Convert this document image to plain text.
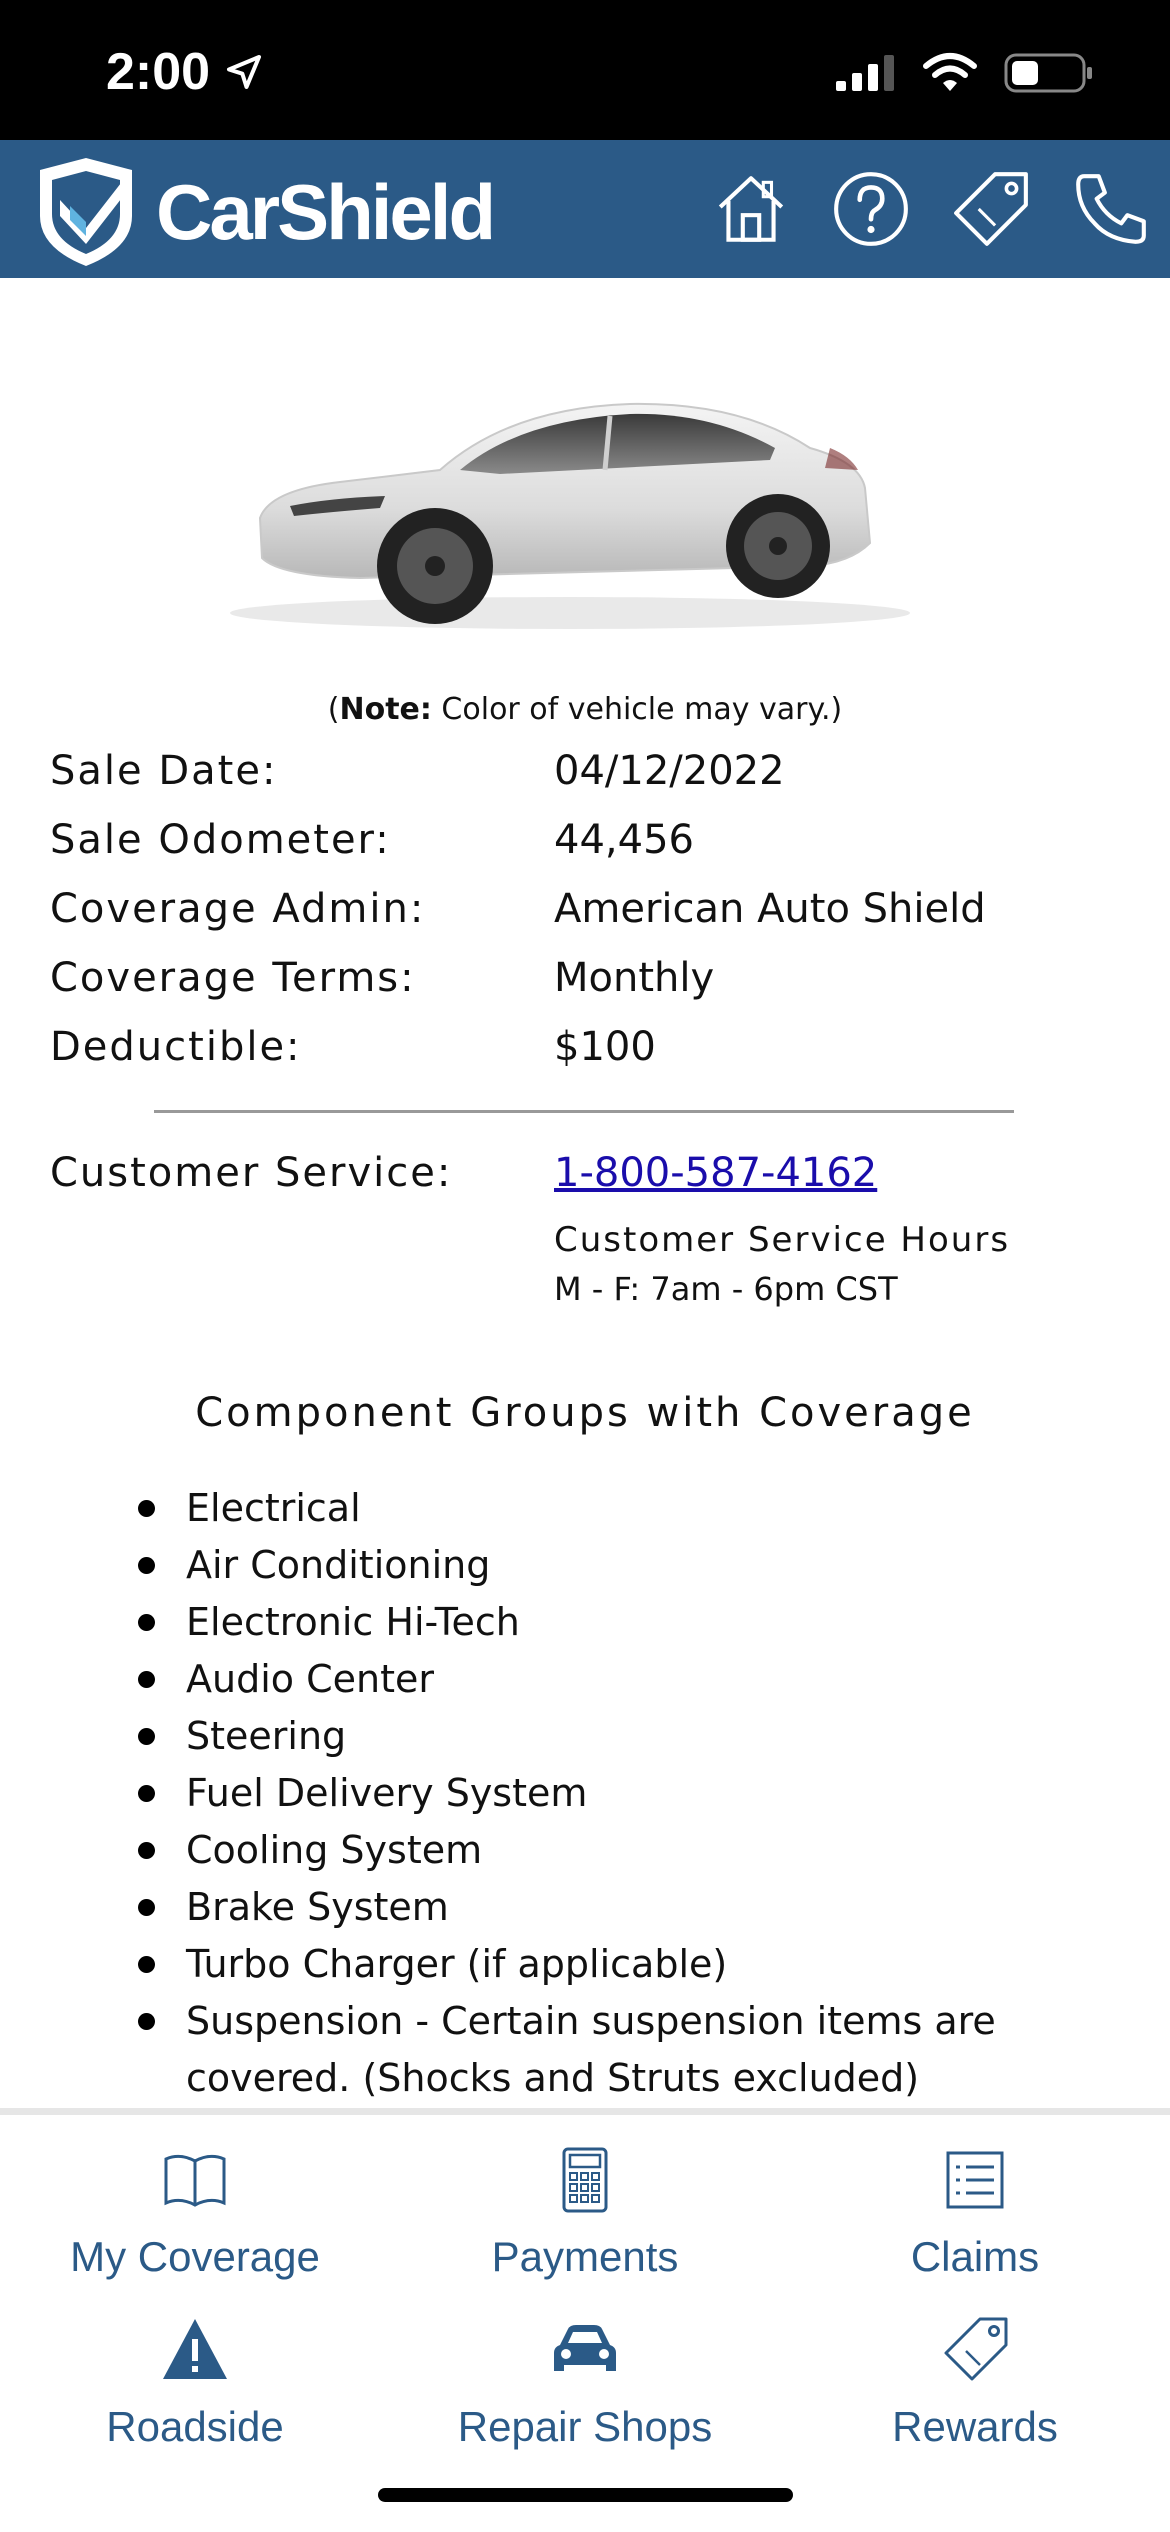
2:00
CarShield
(Note: Color of vehicle may vary.)
Sale Date:	04/12/2022
Sale Odometer:	44,456
Coverage Admin:	American Auto Shield
Coverage Terms:	Monthly
Deductible:	$100
Customer Service:	1-800-587-4162
Customer Service Hours
M - F: 7am - 6pm CST
Component Groups with Coverage
Electrical
Air Conditioning
Electronic Hi-Tech
Audio Center
Steering
Fuel Delivery System
Cooling System
Brake System
Turbo Charger (if applicable)
Suspension - Certain suspension items are covered. (Shocks and Struts excluded)
My Coverage	Payments	Claims
Roadside	Repair Shops	Rewards
